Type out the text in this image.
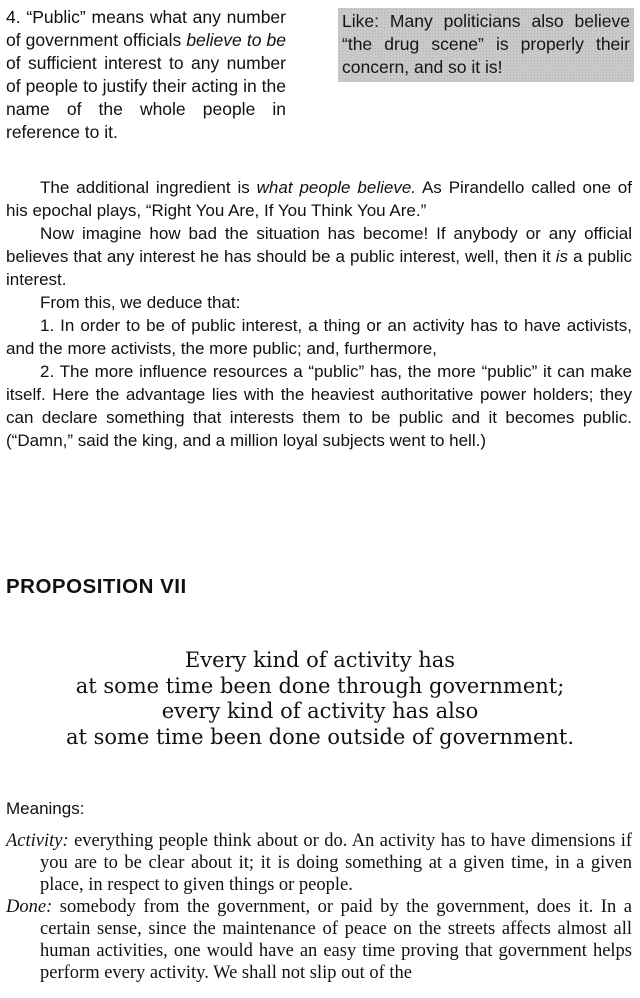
4. “Public” means what any number of government officials believe to be of sufficient interest to any number of people to justify their acting in the name of the whole people in reference to it.
Like: Many politicians also believe “the drug scene” is properly their concern, and so it is!

The additional ingredient is what people believe. As Pirandello called one of his epochal plays, “Right You Are, If You Think You Are.”

Now imagine how bad the situation has become! If anybody or any official believes that any interest he has should be a public interest, well, then it is a public interest.

From this, we deduce that:

1. In order to be of public interest, a thing or an activity has to have activists, and the more activists, the more public; and, furthermore,

2. The more influence resources a “public” has, the more “public” it can make itself. Here the advantage lies with the heaviest authoritative power holders; they can declare something that interests them to be public and it becomes public. (“Damn,” said the king, and a million loyal subjects went to hell.)

PROPOSITION VII
Every kind of activity has
at some time been done through government;
every kind of activity has also
at some time been done outside of government.
Meanings:

Activity: everything people think about or do. An activity has to have dimensions if you are to be clear about it; it is doing something at a given time, in a given place, in respect to given things or people.

Done: somebody from the government, or paid by the government, does it. In a certain sense, since the maintenance of peace on the streets affects almost all human activities, one would have an easy time proving that government helps perform every activity. We shall not slip out of the
